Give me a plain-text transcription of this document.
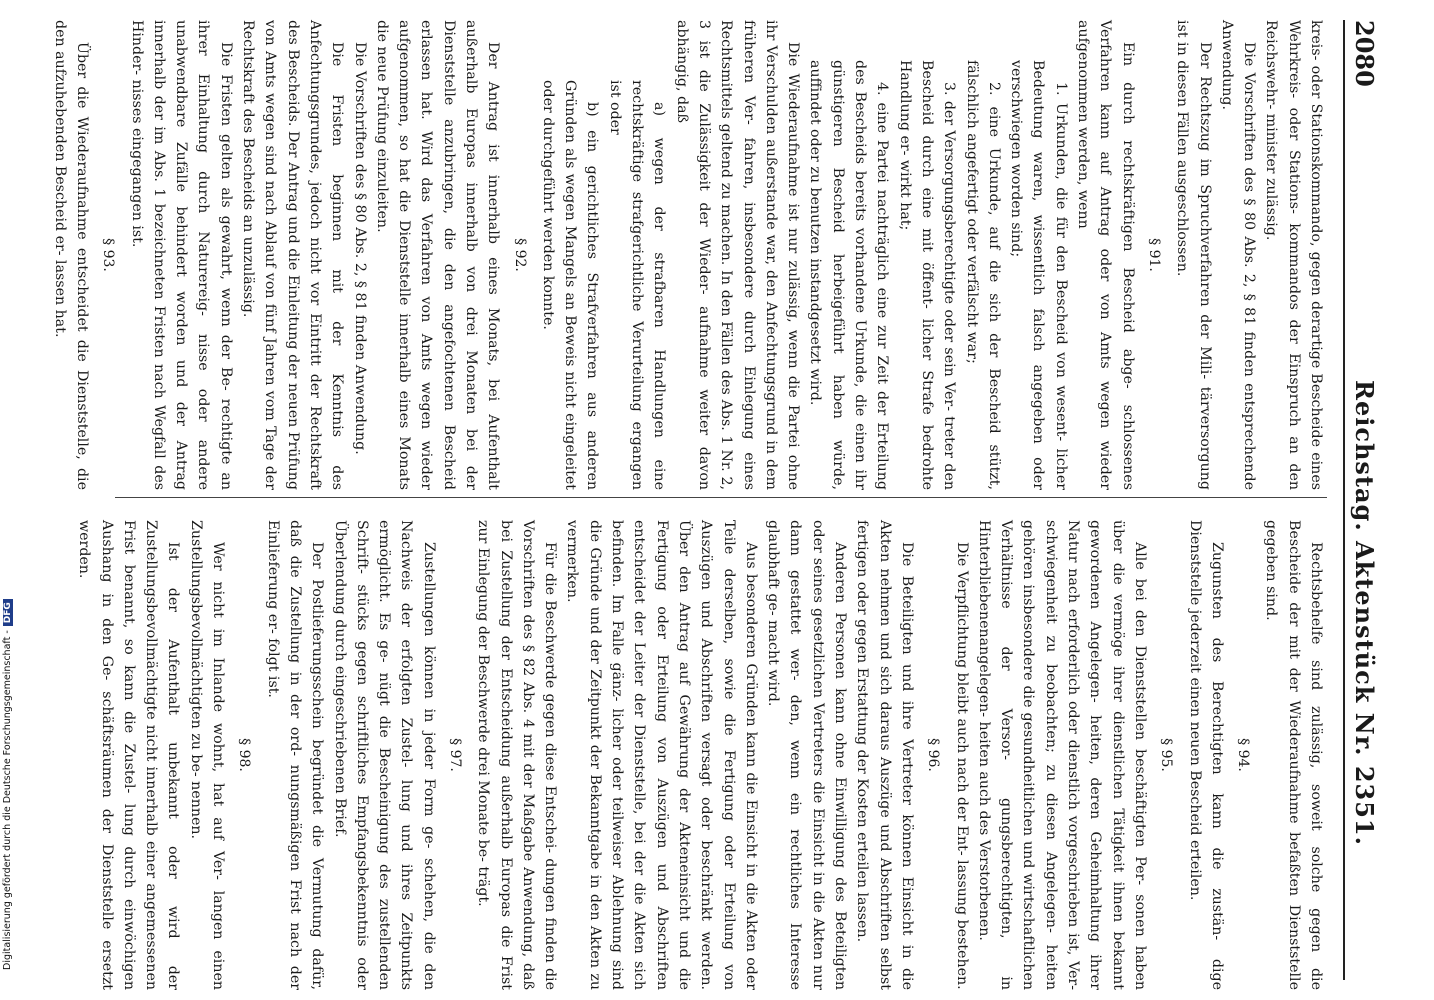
2080
Reichstag. Aktenstück Nr. 2351.

kreis- oder Stationskommando, gegen derartige Bescheide eines Wehrkreis- oder Stations- kommandos der Einspruch an den Reichswehr- minister zulässig.

Die Vorschriften des § 80 Abs. 2, § 81 finden entsprechende Anwendung.

Der Rechtszug im Spruchverfahren der Mili- tärversorgung ist in diesen Fällen ausgeschlossen.

§ 91.

Ein durch rechtskräftigen Bescheid abge- schlossenes Verfahren kann auf Antrag oder von Amts wegen wieder aufgenommen werden, wenn

1. Urkunden, die für den Bescheid von wesent- licher Bedeutung waren, wissentlich falsch angegeben oder verschwiegen worden sind;

2. eine Urkunde, auf die sich der Bescheid stützt, fälschlich angefertigt oder verfälscht war;

3. der Versorgungsberechtigte oder sein Ver- treter den Bescheid durch eine mit öffent- licher Strafe bedrohte Handlung er- wirkt hat;

4. eine Partei nachträglich eine zur Zeit der Erteilung des Bescheids bereits vorhandene Urkunde, die einen ihr günstigeren Bescheid herbeigeführt haben würde, auffindet oder zu benutzen instandgesetzt wird.

Die Wiederaufnahme ist nur zulässig, wenn die Partei ohne ihr Verschulden außerstande war, den Anfechtungsgrund in dem früheren Ver- fahren, insbesondere durch Einlegung eines Rechtsmittels geltend zu machen. In den Fällen des Abs. 1 Nr. 2, 3 ist die Zulässigkeit der Wieder- aufnahme weiter davon abhängig, daß

a) wegen der strafbaren Handlungen eine rechtskräftige strafgerichtliche Verurteilung ergangen ist oder

b) ein gerichtliches Strafverfahren aus anderen Gründen als wegen Mangels an Beweis nicht eingeleitet oder durchgeführt werden konnte.

§ 92.

Der Antrag ist innerhalb eines Monats, bei Aufenthalt außerhalb Europas innerhalb von drei Monaten bei der Dienststelle anzubringen, die den angefochtenen Bescheid erlassen hat. Wird das Verfahren von Amts wegen wieder aufgenommen, so hat die Dienststelle innerhalb eines Monats die neue Prüfung einzuleiten.

Die Vorschriften des § 80 Abs. 2, § 81 finden Anwendung.

Die Fristen beginnen mit der Kenntnis des Anfechtungsgrundes, jedoch nicht vor Eintritt der Rechtskraft des Bescheids. Der Antrag und die Einleitung der neuen Prüfung von Amts wegen sind nach Ablauf von fünf Jahren vom Tage der Rechtskraft des Bescheids an unzulässig.

Die Fristen gelten als gewahrt, wenn der Be- rechtigte an ihrer Einhaltung durch Naturereig- nisse oder andere unabwendbare Zufälle behindert worden und der Antrag innerhalb der im Abs. 1 bezeichneten Fristen nach Wegfall des Hinder- nisses eingegangen ist.

§ 93.

Über die Wiederaufnahme entscheidet die Dienststelle, die den aufzuhebenden Bescheid er- lassen hat.

Rechtsbehelfe sind zulässig, soweit solche gegen die Bescheide der mit der Wiederaufnahme befaßten Dienststelle gegeben sind.

§ 94.

Zugunsten des Berechtigten kann die zustän- dige Dienststelle jederzeit einen neuen Bescheid erteilen.

§ 95.

Alle bei den Dienststellen beschäftigten Per- sonen haben über die vermöge ihrer dienstlichen Tätigkeit ihnen bekannt gewordenen Angelegen- heiten, deren Geheimhaltung ihrer Natur nach erforderlich oder dienstlich vorgeschrieben ist, Ver- schwiegenheit zu beobachten; zu diesen Angelegen- heiten gehören insbesondere die gesundheitlichen und wirtschaftlichen Verhältnisse der Versor- gungsberechtigten, in Hinterbliebenenangelegen- heiten auch des Verstorbenen.

Die Verpflichtung bleibt auch nach der Ent- lassung bestehen.

§ 96.

Die Beteiligten und ihre Vertreter können Einsicht in die Akten nehmen und sich daraus Auszüge und Abschriften selbst fertigen oder gegen Erstattung der Kosten erteilen lassen.

Anderen Personen kann ohne Einwilligung des Beteiligten oder seines gesetzlichen Vertreters die Einsicht in die Akten nur dann gestattet wer- den, wenn ein rechtliches Interesse glaubhaft ge- macht wird.

Aus besonderen Gründen kann die Einsicht in die Akten oder Teile derselben, sowie die Fertigung oder Erteilung von Auszügen und Abschriften versagt oder beschränkt werden. Über den Antrag auf Gewährung der Akteneinsicht und die Fertigung oder Erteilung von Auszügen und Abschriften entscheidet der Leiter der Dienststelle, bei der die Akten sich befinden. Im Falle gänz- licher oder teilweiser Ablehnung sind die Gründe und der Zeitpunkt der Bekanntgabe in den Akten zu vermerken.

Für die Beschwerde gegen diese Entschei- dungen finden die Vorschriften des § 82 Abs. 4 mit der Maßgabe Anwendung, daß bei Zustellung der Entscheidung außerhalb Europas die Frist zur Einlegung der Beschwerde drei Monate be- trägt.

§ 97.

Zustellungen können in jeder Form ge- schehen, die den Nachweis der erfolgten Zustel- lung und ihres Zeitpunkts ermöglicht. Es ge- nügt die Bescheinigung des zustellenden Schrift- stücks gegen schriftliches Empfangsbekenntnis oder Überlendung durch eingeschriebenen Brief.

Der Postlieferungsschein begründet die Vermutung dafür, daß die Zustellung in der ord- nungsmäßigen Frist nach der Einlieferung er- folgt ist.

§ 98.

Wer nicht im Inlande wohnt, hat auf Ver- langen einen Zustellungsbevollmächtigten zu be- nennen.

Ist der Aufenthalt unbekannt oder wird der Zustellungsbevollmächtigte nicht innerhalb einer angemessenen Frist benannt, so kann die Zustel- lung durch einwöchigen Aushang in den Ge- schäftsräumen der Dienststelle ersetzt werden.

Digitalisierung gefördert durch die Deutsche Forschungsgemeinschaft -DFG
